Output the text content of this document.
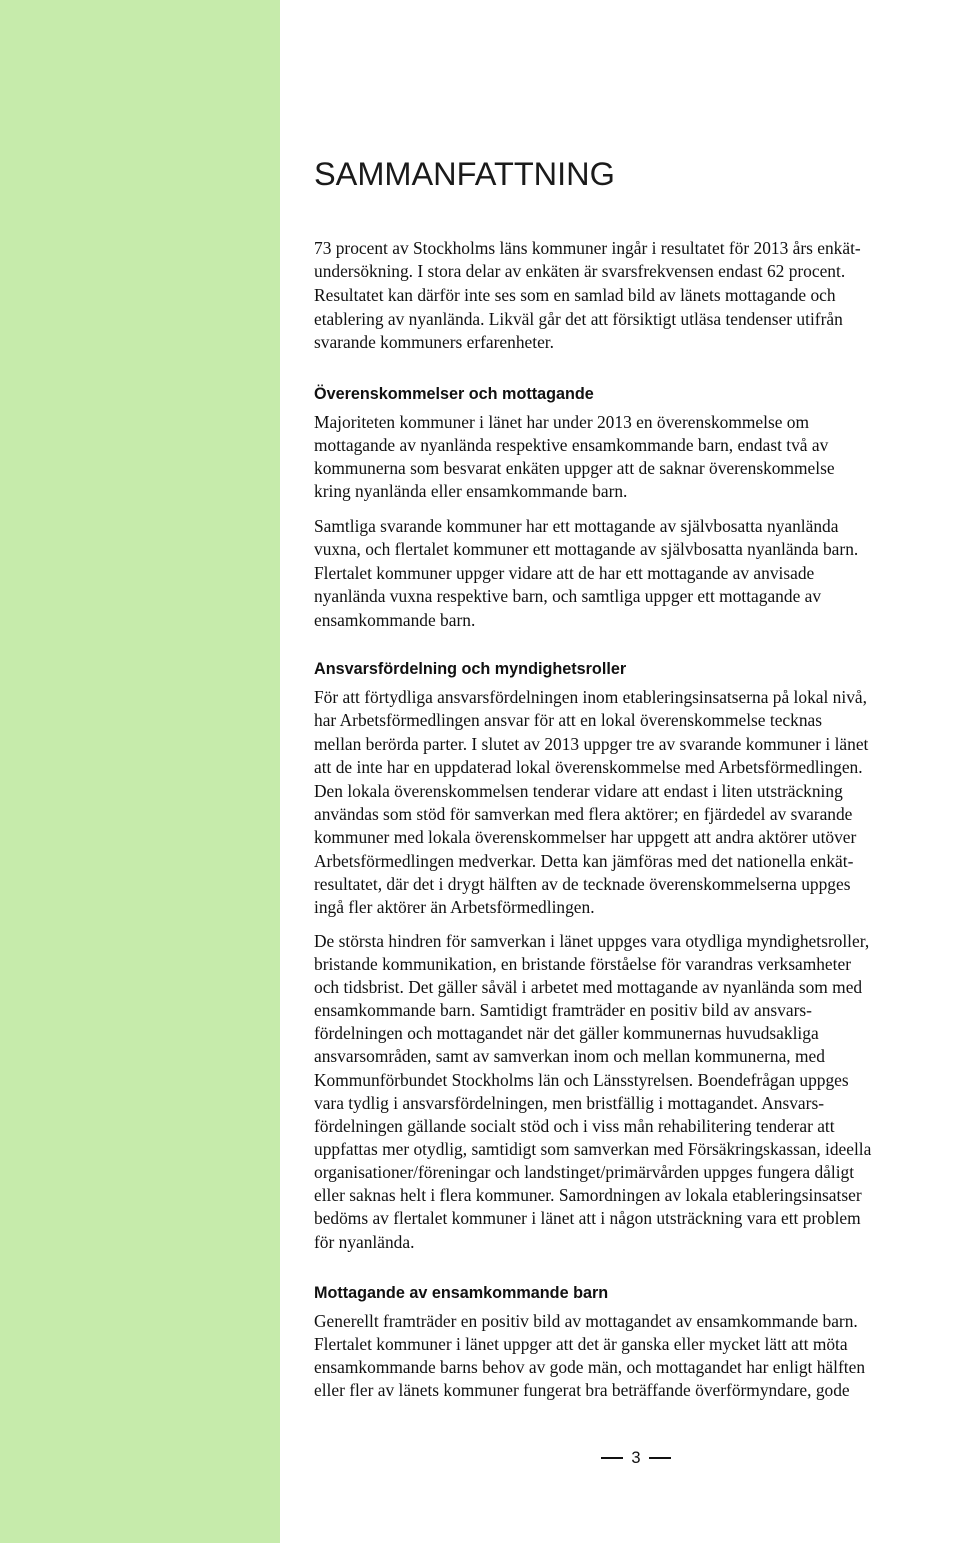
SAMMANFATTNING
73 procent av Stockholms läns kommuner ingår i resultatet för 2013 års enkät-
undersökning. I stora delar av enkäten är svarsfrekvensen endast 62 procent.
Resultatet kan därför inte ses som en samlad bild av länets mottagande och
etablering av nyanlända. Likväl går det att försiktigt utläsa tendenser utifrån
svarande kommuners erfarenheter.
Överenskommelser och mottagande
Majoriteten kommuner i länet har under 2013 en överenskommelse om
mottagande av nyanlända respektive ensamkommande barn, endast två av
kommunerna som besvarat enkäten uppger att de saknar överenskommelse
kring nyanlända eller ensamkommande barn.
Samtliga svarande kommuner har ett mottagande av självbosatta nyanlända
vuxna, och flertalet kommuner ett mottagande av självbosatta nyanlända barn.
Flertalet kommuner uppger vidare att de har ett mottagande av anvisade
nyanlända vuxna respektive barn, och samtliga uppger ett mottagande av
ensamkommande barn.
Ansvarsfördelning och myndighetsroller
För att förtydliga ansvarsfördelningen inom etableringsinsatserna på lokal nivå,
har Arbetsförmedlingen ansvar för att en lokal överenskommelse tecknas
mellan berörda parter. I slutet av 2013 uppger tre av svarande kommuner i länet
att de inte har en uppdaterad lokal överenskommelse med Arbetsförmedlingen.
Den lokala överenskommelsen tenderar vidare att endast i liten utsträckning
användas som stöd för samverkan med flera aktörer; en fjärdedel av svarande
kommuner med lokala överenskommelser har uppgett att andra aktörer utöver
Arbetsförmedlingen medverkar. Detta kan jämföras med det nationella enkät-
resultatet, där det i drygt hälften av de tecknade överenskommelserna uppges
ingå fler aktörer än Arbetsförmedlingen.
De största hindren för samverkan i länet uppges vara otydliga myndighetsroller,
bristande kommunikation, en bristande förståelse för varandras verksamheter
och tidsbrist. Det gäller såväl i arbetet med mottagande av nyanlända som med
ensamkommande barn. Samtidigt framträder en positiv bild av ansvars-
fördelningen och mottagandet när det gäller kommunernas huvudsakliga
ansvarsområden, samt av samverkan inom och mellan kommunerna, med
Kommunförbundet Stockholms län och Länsstyrelsen. Boendefrågan uppges
vara tydlig i ansvarsfördelningen, men bristfällig i mottagandet. Ansvars-
fördelningen gällande socialt stöd och i viss mån rehabilitering tenderar att
uppfattas mer otydlig, samtidigt som samverkan med Försäkringskassan, ideella
organisationer/föreningar och landstinget/primärvården uppges fungera dåligt
eller saknas helt i flera kommuner. Samordningen av lokala etableringsinsatser
bedöms av flertalet kommuner i länet att i någon utsträckning vara ett problem
för nyanlända.
Mottagande av ensamkommande barn
Generellt framträder en positiv bild av mottagandet av ensamkommande barn.
Flertalet kommuner i länet uppger att det är ganska eller mycket lätt att möta
ensamkommande barns behov av gode män, och mottagandet har enligt hälften
eller fler av länets kommuner fungerat bra beträffande överförmyndare, gode
3
